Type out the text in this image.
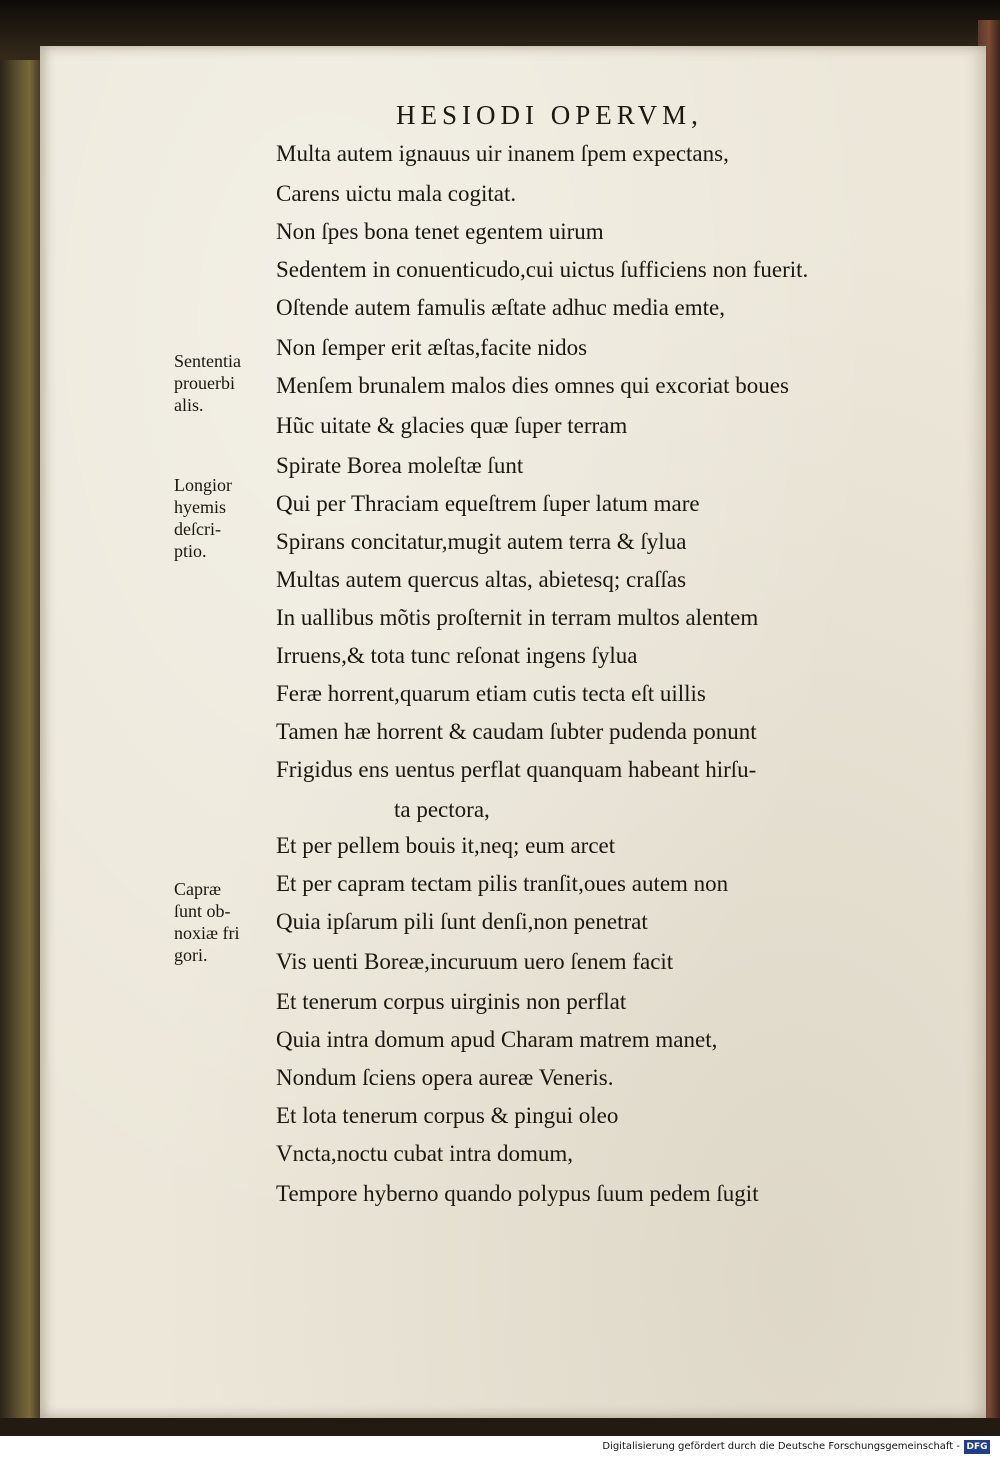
HESIODI OPERVM,
Multa autem ignauus uir inanem ſpem expectans,
Carens uictu mala cogitat.
Non ſpes bona tenet egentem uirum
Sedentem in conuenticudo,cui uictus ſufficiens non fuerit.
Oſtende autem famulis æſtate adhuc media emte,
Non ſemper erit æſtas,facite nidos
Menſem brunalem malos dies omnes qui excoriat boues
Hũc uitate & glacies quæ ſuper terram
Spirate Borea moleſtæ ſunt
Qui per Thraciam equeſtrem ſuper latum mare
Spirans concitatur,mugit autem terra & ſylua
Multas autem quercus altas, abietesq; craſſas
In uallibus mõtis proſternit in terram multos alentem
Irruens,& tota tunc reſonat ingens ſylua
Feræ horrent,quarum etiam cutis tecta eſt uillis
Tamen hæ horrent & caudam ſubter pudenda ponunt
Frigidus ens uentus perflat quanquam habeant hirſu-
ta pectora,
Et per pellem bouis it,neq; eum arcet
Et per capram tectam pilis tranſit,oues autem non
Quia ipſarum pili ſunt denſi,non penetrat
Vis uenti Boreæ,incuruum uero ſenem facit
Et tenerum corpus uirginis non perflat
Quia intra domum apud Charam matrem manet,
Nondum ſciens opera aureæ Veneris.
Et lota tenerum corpus & pingui oleo
Vncta,noctu cubat intra domum,
Tempore hyberno quando polypus ſuum pedem ſugit
Sententia
prouerbi
alis.
Longior
hyemis
deſcri-
ptio.
Capræ
ſunt ob-
noxiæ fri
gori.
Digitalisierung gefördert durch die Deutsche Forschungsgemeinschaft - DFG
